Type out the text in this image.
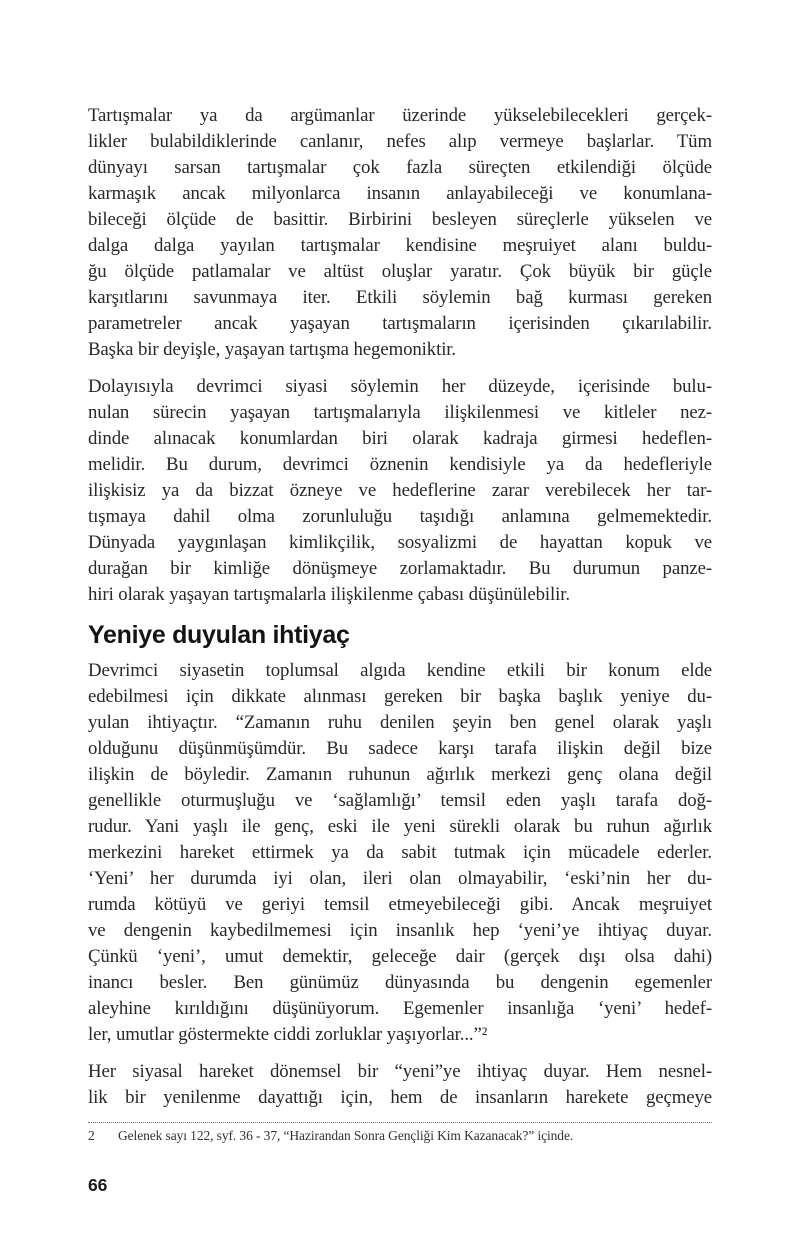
Tartışmalar ya da argümanlar üzerinde yükselebilecekleri gerçek-
likler bulabildiklerinde canlanır, nefes alıp vermeye başlarlar. Tüm
dünyayı sarsan tartışmalar çok fazla süreçten etkilendiği ölçüde
karmaşık ancak milyonlarca insanın anlayabileceği ve konumlana-
bileceği ölçüde de basittir. Birbirini besleyen süreçlerle yükselen ve
dalga dalga yayılan tartışmalar kendisine meşruiyet alanı buldu-
ğu ölçüde patlamalar ve altüst oluşlar yaratır. Çok büyük bir güçle
karşıtlarını savunmaya iter. Etkili söylemin bağ kurması gereken
parametreler ancak yaşayan tartışmaların içerisinden çıkarılabilir.
Başka bir deyişle, yaşayan tartışma hegemoniktir.

Dolayısıyla devrimci siyasi söylemin her düzeyde, içerisinde bulu-
nulan sürecin yaşayan tartışmalarıyla ilişkilenmesi ve kitleler nez-
dinde alınacak konumlardan biri olarak kadraja girmesi hedeflen-
melidir. Bu durum, devrimci öznenin kendisiyle ya da hedefleriyle
ilişkisiz ya da bizzat özneye ve hedeflerine zarar verebilecek her tar-
tışmaya dahil olma zorunluluğu taşıdığı anlamına gelmemektedir.
Dünyada yaygınlaşan kimlikçilik, sosyalizmi de hayattan kopuk ve
durağan bir kimliğe dönüşmeye zorlamaktadır. Bu durumun panze-
hiri olarak yaşayan tartışmalarla ilişkilenme çabası düşünülebilir.

Yeniye duyulan ihtiyaç

Devrimci siyasetin toplumsal algıda kendine etkili bir konum elde
edebilmesi için dikkate alınması gereken bir başka başlık yeniye du-
yulan ihtiyaçtır. “Zamanın ruhu denilen şeyin ben genel olarak yaşlı
olduğunu düşünmüşümdür. Bu sadece karşı tarafa ilişkin değil bize
ilişkin de böyledir. Zamanın ruhunun ağırlık merkezi genç olana değil
genellikle oturmuşluğu ve ‘sağlamlığı’ temsil eden yaşlı tarafa doğ-
rudur. Yani yaşlı ile genç, eski ile yeni sürekli olarak bu ruhun ağırlık
merkezini hareket ettirmek ya da sabit tutmak için mücadele ederler.
‘Yeni’ her durumda iyi olan, ileri olan olmayabilir, ‘eski’nin her du-
rumda kötüyü ve geriyi temsil etmeyebileceği gibi. Ancak meşruiyet
ve dengenin kaybedilmemesi için insanlık hep ‘yeni’ye ihtiyaç duyar.
Çünkü ‘yeni’, umut demektir, geleceğe dair (gerçek dışı olsa dahi)
inancı besler. Ben günümüz dünyasında bu dengenin egemenler
aleyhine kırıldığını düşünüyorum. Egemenler insanlığa ‘yeni’ hedef-
ler, umutlar göstermekte ciddi zorluklar yaşıyorlar...”²

Her siyasal hareket dönemsel bir “yeni”ye ihtiyaç duyar. Hem nesnel-
lik bir yenilenme dayattığı için, hem de insanların harekete geçmeye

2	Gelenek sayı 122, syf. 36 - 37, “Hazirandan Sonra Gençliği Kim Kazanacak?” içinde.
66
